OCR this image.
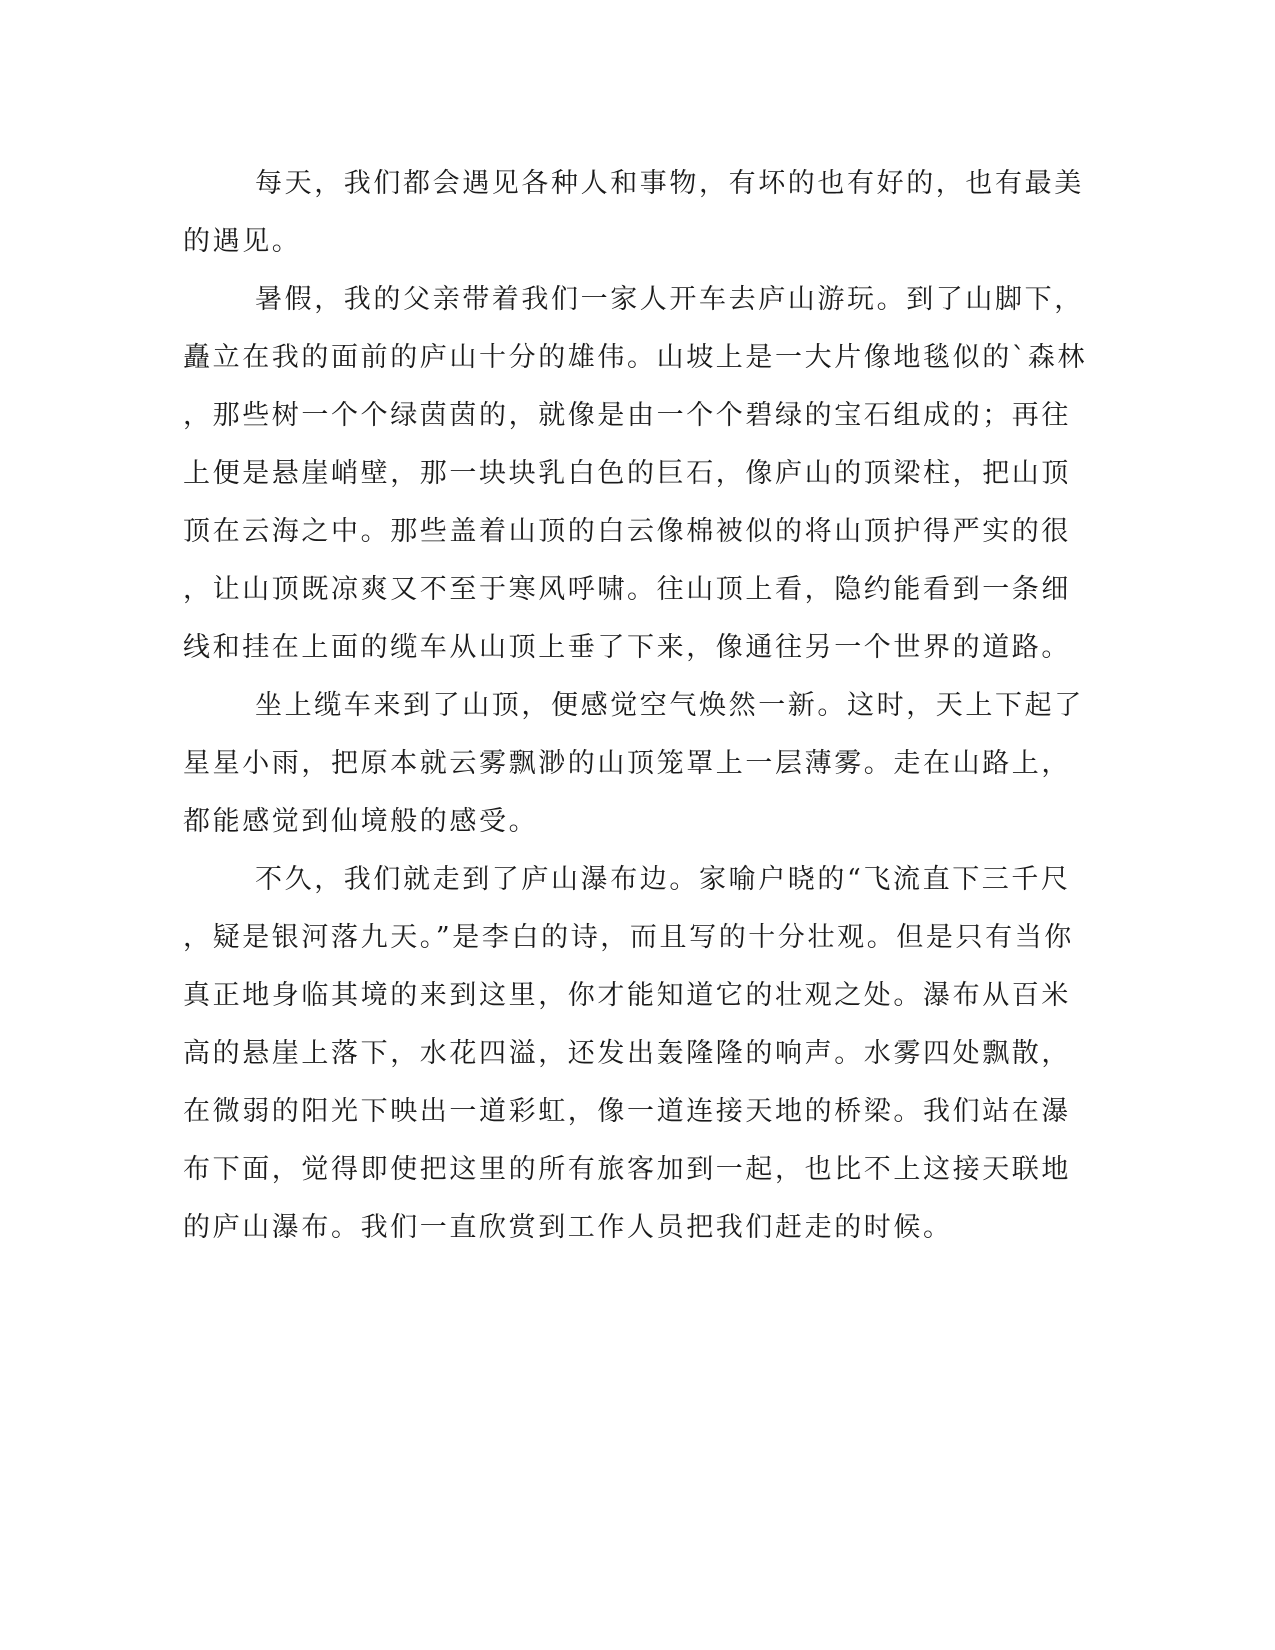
每天，我们都会遇见各种人和事物，有坏的也有好的，也有最美
的遇见。
暑假，我的父亲带着我们一家人开车去庐山游玩。到了山脚下，
矗立在我的面前的庐山十分的雄伟。山坡上是一大片像地毯似的`森林
，那些树一个个绿茵茵的，就像是由一个个碧绿的宝石组成的；再往
上便是悬崖峭壁，那一块块乳白色的巨石，像庐山的顶梁柱，把山顶
顶在云海之中。那些盖着山顶的白云像棉被似的将山顶护得严实的很
，让山顶既凉爽又不至于寒风呼啸。往山顶上看，隐约能看到一条细
线和挂在上面的缆车从山顶上垂了下来，像通往另一个世界的道路。
坐上缆车来到了山顶，便感觉空气焕然一新。这时，天上下起了
星星小雨，把原本就云雾飘渺的山顶笼罩上一层薄雾。走在山路上，
都能感觉到仙境般的感受。
不久，我们就走到了庐山瀑布边。家喻户晓的“飞流直下三千尺
，疑是银河落九天。”是李白的诗，而且写的十分壮观。但是只有当你
真正地身临其境的来到这里，你才能知道它的壮观之处。瀑布从百米
高的悬崖上落下，水花四溢，还发出轰隆隆的响声。水雾四处飘散，
在微弱的阳光下映出一道彩虹，像一道连接天地的桥梁。我们站在瀑
布下面，觉得即使把这里的所有旅客加到一起，也比不上这接天联地
的庐山瀑布。我们一直欣赏到工作人员把我们赶走的时候。
